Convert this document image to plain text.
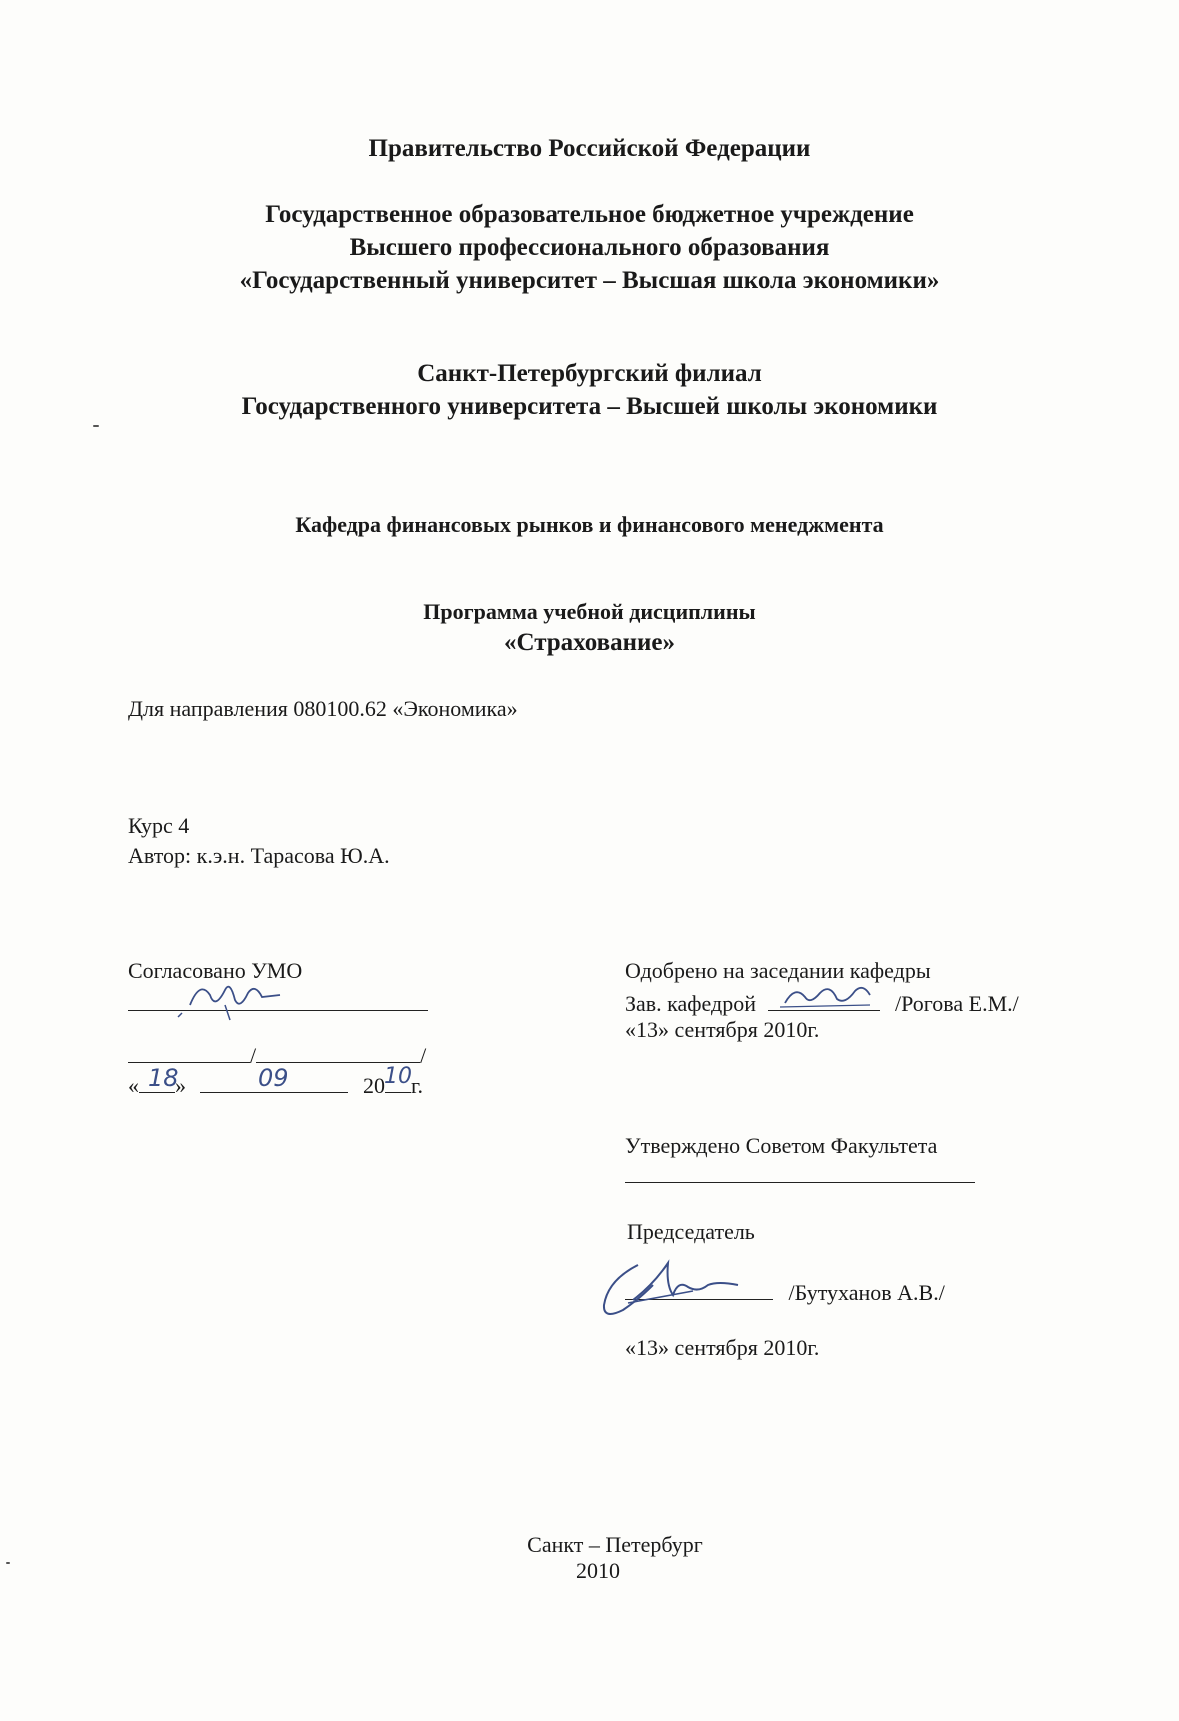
Правительство Российской Федерации
Государственное образовательное бюджетное учреждение
Высшего профессионального образования
«Государственный университет – Высшая школа экономики»
Санкт-Петербургский филиал
Государственного университета – Высшей школы экономики
Кафедра финансовых рынков и финансового менеджмента
Программа учебной дисциплины
«Страхование»
Для направления 080100.62 «Экономика»
Курс 4
Автор: к.э.н. Тарасова Ю.А.
Согласовано УМО
/	/
« »	20 г.
18	09	10
Одобрено на заседании кафедры
Зав. кафедрой	/Рогова Е.М./
«13» сентября 2010г.
Утверждено Советом Факультета
Председатель
/Бутуханов А.В./
«13» сентября 2010г.
Санкт – Петербург
2010
